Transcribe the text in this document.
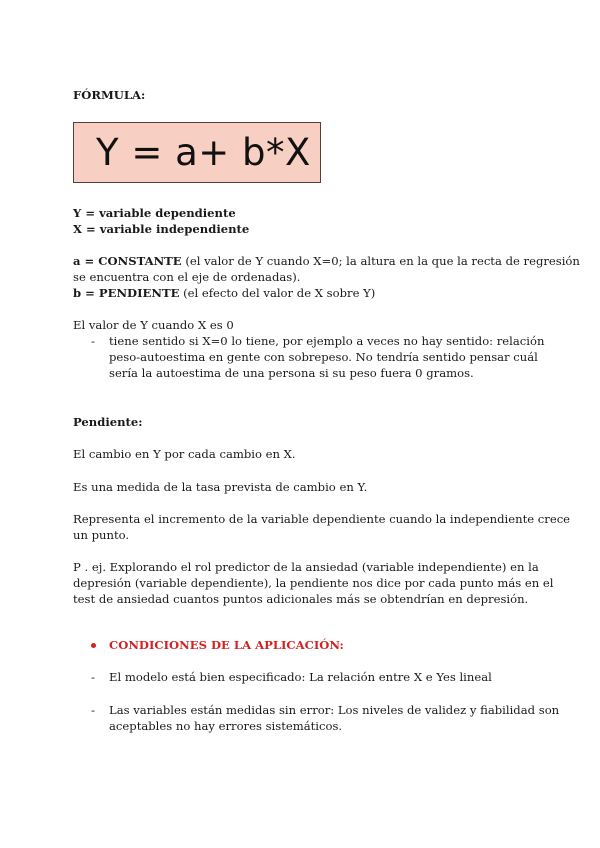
FÓRMULA:
Y = a+ b*X
Y = variable dependiente
X = variable independiente
a = CONSTANTE (el valor de Y cuando X=0; la altura en la que la recta de regresión
se encuentra con el eje de ordenadas).
b = PENDIENTE (el efecto del valor de X sobre Y)
El valor de Y cuando X es 0
- tiene sentido si X=0 lo tiene, por ejemplo a veces no hay sentido: relación
peso-autoestima en gente con sobrepeso. No tendría sentido pensar cuál
sería la autoestima de una persona si su peso fuera 0 gramos.
Pendiente:
El cambio en Y por cada cambio en X.
Es una medida de la tasa prevista de cambio en Y.
Representa el incremento de la variable dependiente cuando la independiente crece
un punto.
P . ej. Explorando el rol predictor de la ansiedad (variable independiente) en la
depresión (variable dependiente), la pendiente nos dice por cada punto más en el
test de ansiedad cuantos puntos adicionales más se obtendrían en depresión.
CONDICIONES DE LA APLICACIÓN:
- El modelo está bien especificado: La relación entre X e Yes lineal
- Las variables están medidas sin error: Los niveles de validez y fiabilidad son
aceptables no hay errores sistemáticos.
